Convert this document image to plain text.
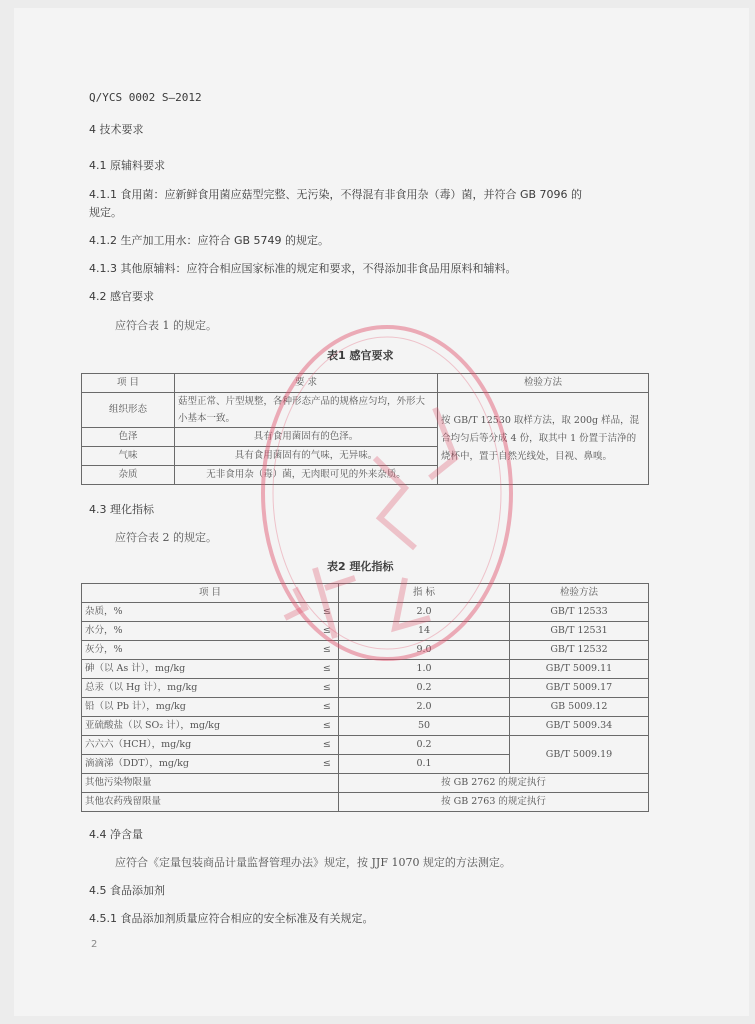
Q/YCS 0002 S—2012
4 技术要求
4.1 原辅料要求
4.1.1 食用菌：应新鲜食用菌应菇型完整、无污染，不得混有非食用杂（毒）菌，并符合 GB 7096 的
规定。
4.1.2 生产加工用水：应符合 GB 5749 的规定。
4.1.3 其他原辅料：应符合相应国家标准的规定和要求，不得添加非食品用原料和辅料。
4.2 感官要求
应符合表 1 的规定。
表1 感官要求
项 目	要 求	检验方法
组织形态	菇型正常、片型规整，各种形态产品的规格应匀均，外形大小基本一致。	按 GB/T 12530 取样方法，取 200g 样品，混合均匀后等分成 4 份，取其中 1 份置于洁净的烧杯中，置于自然光线处，目视、鼻嗅。
色泽	具有食用菌固有的色泽。	
气味	具有食用菌固有的气味，无异味。	
杂质	无非食用杂（毒）菌，无肉眼可见的外来杂质。	
4.3 理化指标
应符合表 2 的规定。
表2 理化指标
项 目		指 标	检验方法
杂质，%	≤	2.0	GB/T 12533
水分，%	≤	14	GB/T 12531
灰分，%	≤	9.0	GB/T 12532
砷（以 As 计），mg/kg	≤	1.0	GB/T 5009.11
总汞（以 Hg 计），mg/kg	≤	0.2	GB/T 5009.17
铅（以 Pb 计），mg/kg	≤	2.0	GB 5009.12
亚硫酸盐（以 SO₂ 计），mg/kg	≤	50	GB/T 5009.34
六六六（HCH），mg/kg	≤	0.2	GB/T 5009.19
滴滴涕（DDT），mg/kg	≤	0.1	
其他污染物限量		按 GB 2762 的规定执行	
其他农药残留限量		按 GB 2763 的规定执行	
4.4 净含量
应符合《定量包装商品计量监督管理办法》规定，按 JJF 1070 规定的方法测定。
4.5 食品添加剂
4.5.1 食品添加剂质量应符合相应的安全标准及有关规定。
2
